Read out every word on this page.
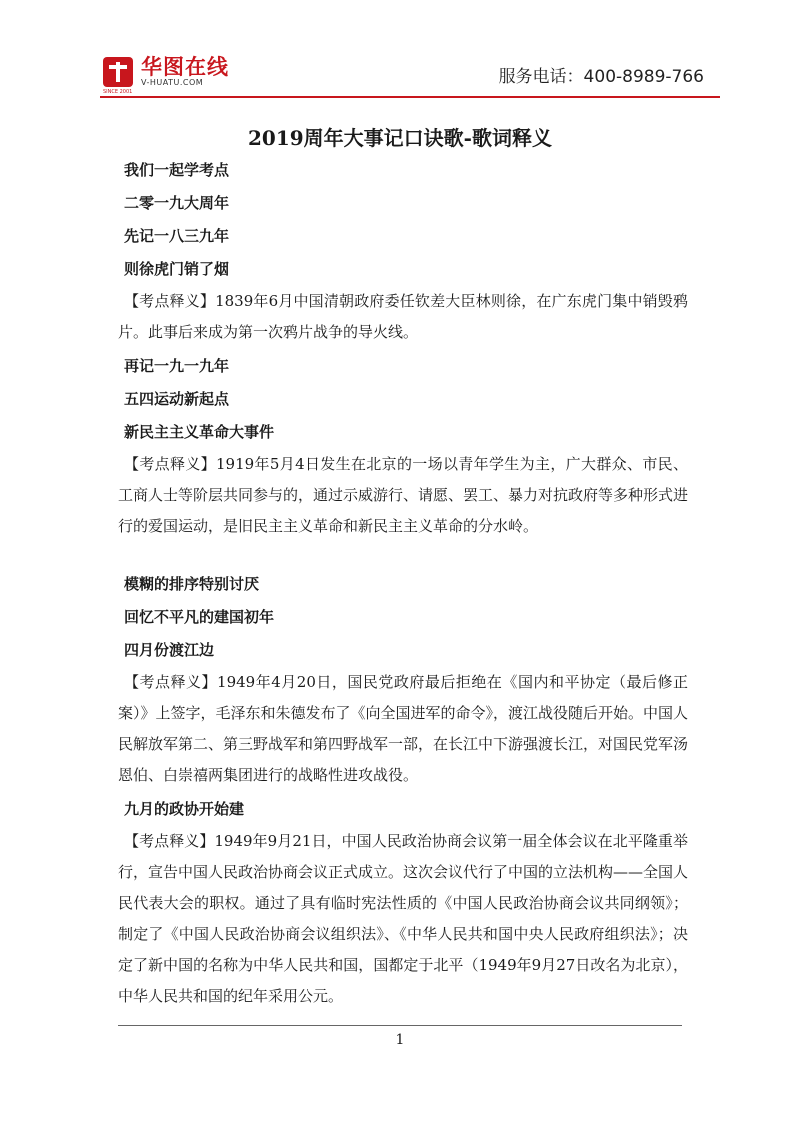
SINCE 2001
华图在线
V-HUATU.COM	服务电话：400-8989-766
2019周年大事记口诀歌-歌词释义
我们一起学考点
二零一九大周年
先记一八三九年
则徐虎门销了烟

【考点释义】1839年6月中国清朝政府委任钦差大臣林则徐，在广东虎门集中销毁鸦片。此事后来成为第一次鸦片战争的导火线。

再记一九一九年
五四运动新起点
新民主主义革命大事件

【考点释义】1919年5月4日发生在北京的一场以青年学生为主，广大群众、市民、工商人士等阶层共同参与的，通过示威游行、请愿、罢工、暴力对抗政府等多种形式进行的爱国运动，是旧民主主义革命和新民主主义革命的分水岭。

模糊的排序特别讨厌
回忆不平凡的建国初年
四月份渡江边

【考点释义】1949年4月20日，国民党政府最后拒绝在《国内和平协定（最后修正案）》上签字，毛泽东和朱德发布了《向全国进军的命令》，渡江战役随后开始。中国人民解放军第二、第三野战军和第四野战军一部，在长江中下游强渡长江，对国民党军汤恩伯、白崇禧两集团进行的战略性进攻战役。

九月的政协开始建

【考点释义】1949年9月21日，中国人民政治协商会议第一届全体会议在北平隆重举行，宣告中国人民政治协商会议正式成立。这次会议代行了中国的立法机构——全国人民代表大会的职权。通过了具有临时宪法性质的《中国人民政治协商会议共同纲领》；制定了《中国人民政治协商会议组织法》、《中华人民共和国中央人民政府组织法》；决定了新中国的名称为中华人民共和国，国都定于北平（1949年9月27日改名为北京），中华人民共和国的纪年采用公元。

1
